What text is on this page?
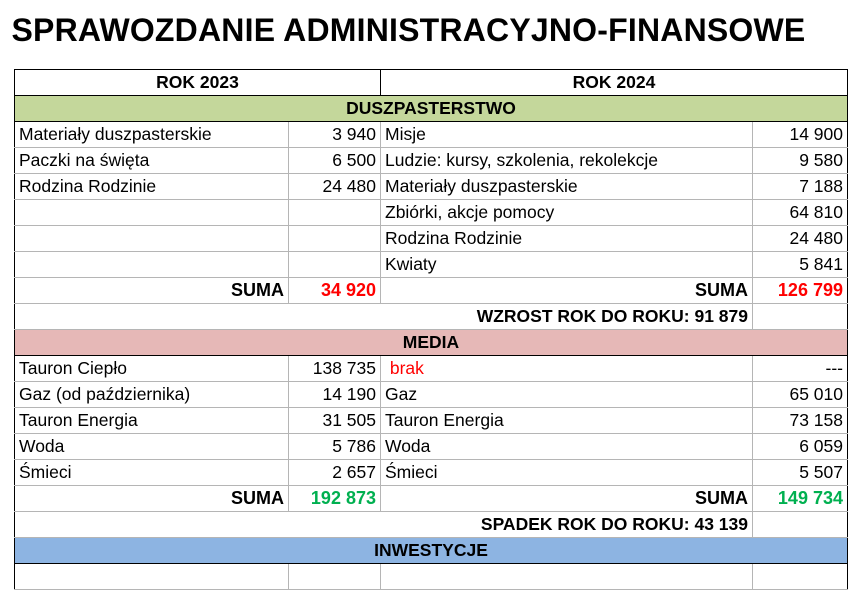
SPRAWOZDANIE ADMINISTRACYJNO-FINANSOWE
ROK 2023		ROK 2024	
DUSZPASTERSTWO			
Materiały duszpasterskie	3 940	Misje	14 900
Paczki na święta	6 500	Ludzie: kursy, szkolenia, rekolekcje	9 580
Rodzina Rodzinie	24 480	Materiały duszpasterskie	7 188
		Zbiórki, akcje pomocy	64 810
		Rodzina Rodzinie	24 480
		Kwiaty	5 841
SUMA	34 920	SUMA	126 799
WZROST ROK DO ROKU: 91 879			
MEDIA			
Tauron Ciepło	138 735	brak	---
Gaz (od października)	14 190	Gaz	65 010
Tauron Energia	31 505	Tauron Energia	73 158
Woda	5 786	Woda	6 059
Śmieci	2 657	Śmieci	5 507
SUMA	192 873	SUMA	149 734
SPADEK ROK DO ROKU: 43 139			
INWESTYCJE			
